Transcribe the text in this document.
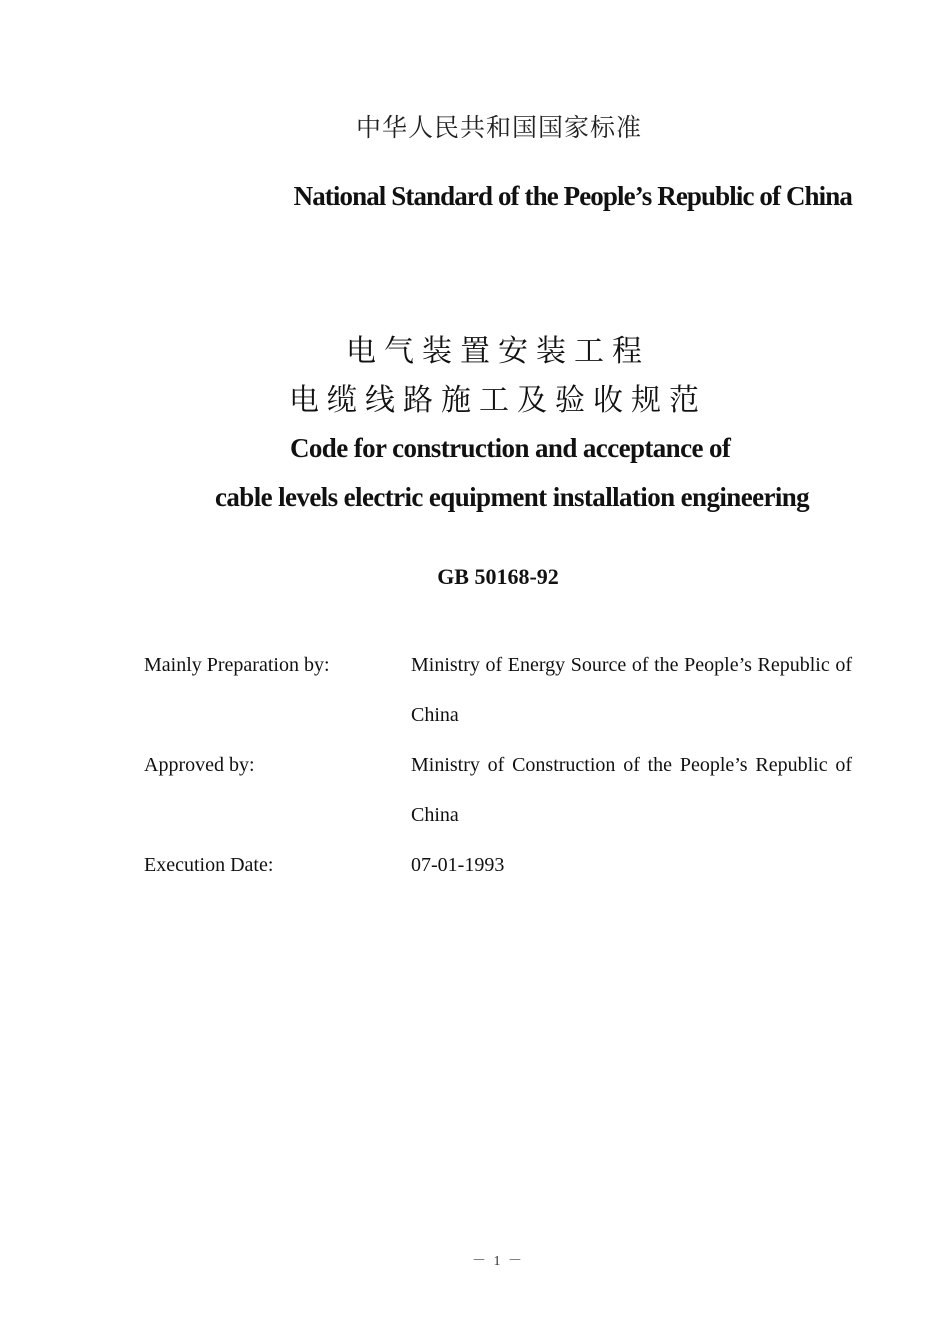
中华人民共和国国家标准
National Standard of the People’s Republic of China
电气装置安装工程
电缆线路施工及验收规范
Code for construction and acceptance of
cable levels electric equipment installation engineering
GB 50168-92
Mainly Preparation by:	Ministry of Energy Source of the People’s Republic of China
Approved by:	Ministry of Construction of the People’s Republic of China
Execution Date:	07-01-1993
－ 1 －
